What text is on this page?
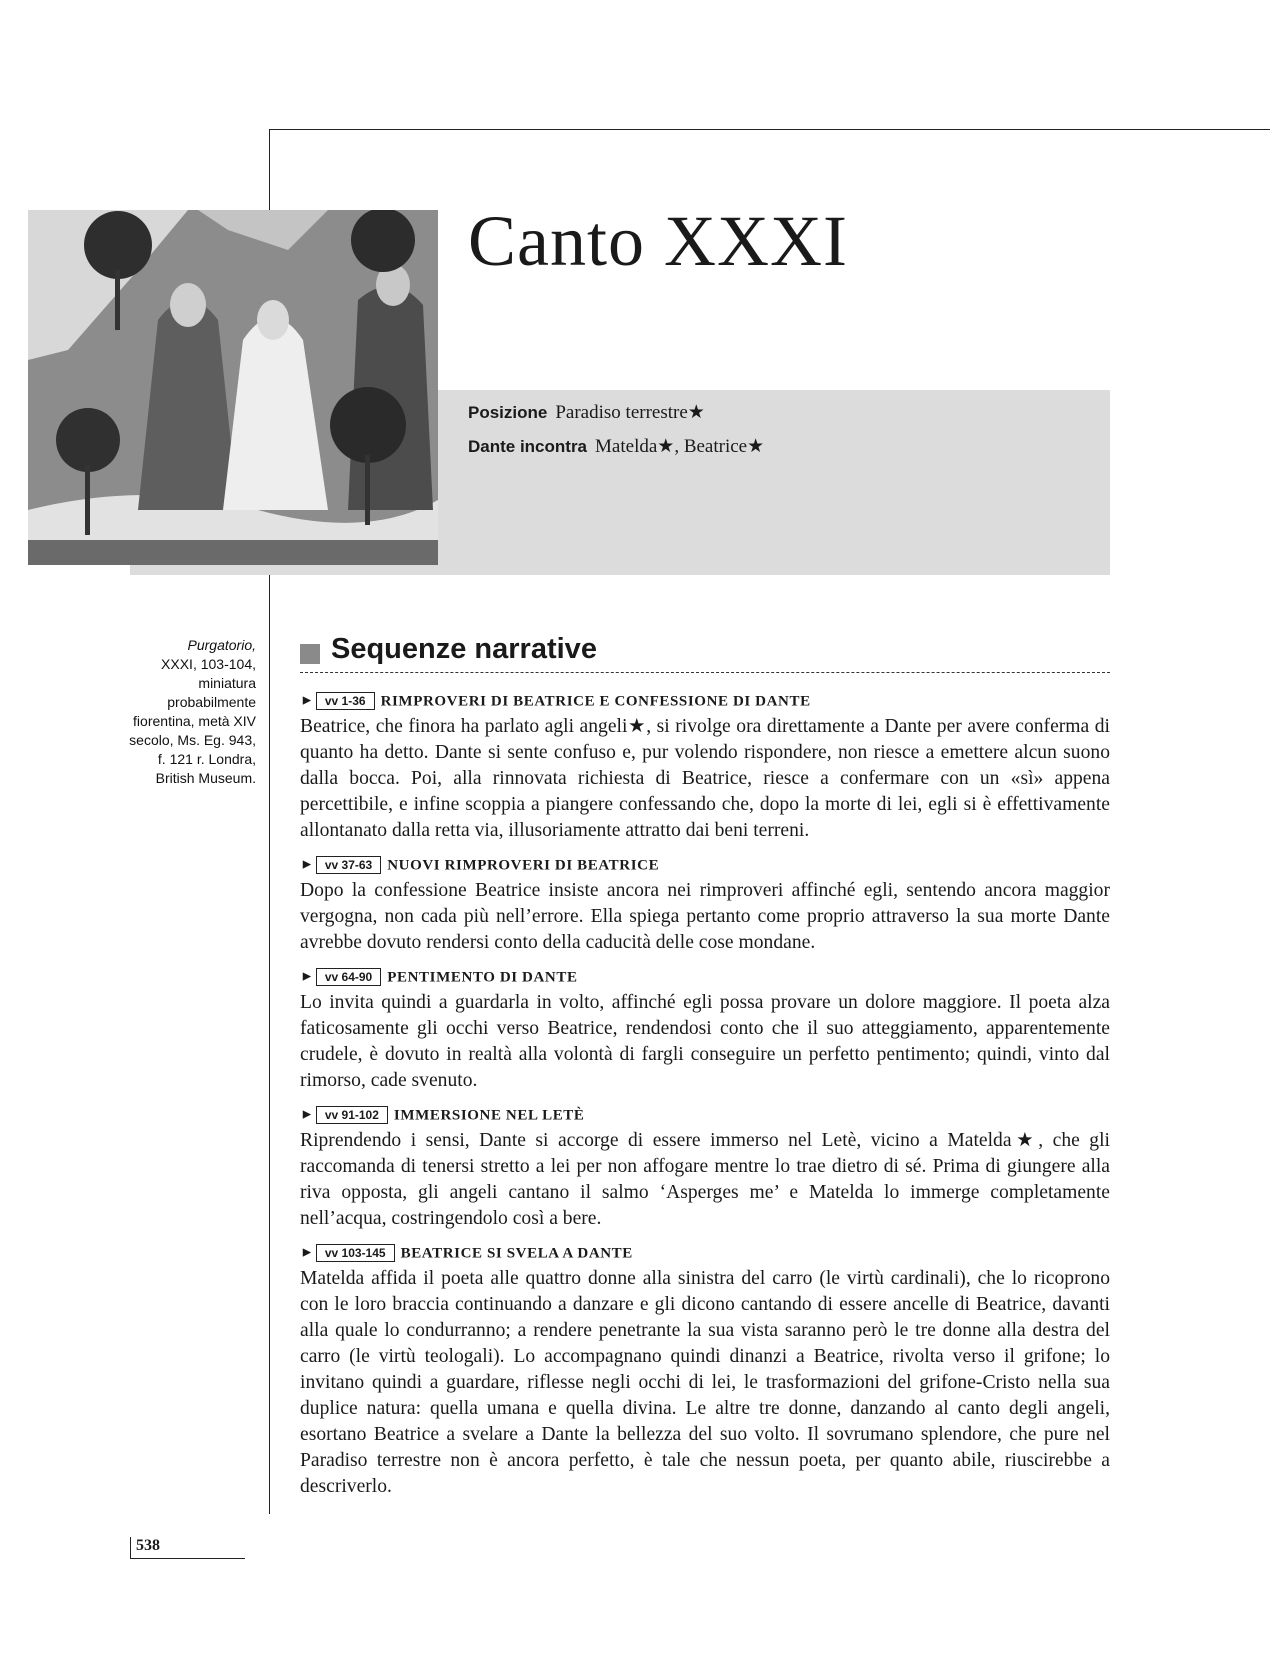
Canto XXXI
Posizione Paradiso terrestre★
Dante incontra Matelda★, Beatrice★

Purgatorio,
XXXI, 103-104, miniatura probabilmente fiorentina, metà XIV secolo, Ms. Eg. 943, f. 121 r. Londra, British Museum.

Sequenze narrative
► vv 1-36 RIMPROVERI DI BEATRICE E CONFESSIONE DI DANTE

Beatrice, che finora ha parlato agli angeli★, si rivolge ora direttamente a Dante per avere conferma di quanto ha detto. Dante si sente confuso e, pur volendo rispondere, non riesce a emettere alcun suono dalla bocca. Poi, alla rinnovata richiesta di Beatrice, riesce a confermare con un «sì» appena percettibile, e infine scoppia a piangere confessando che, dopo la morte di lei, egli si è effettivamente allontanato dalla retta via, illusoriamente attratto dai beni terreni.

► vv 37-63 NUOVI RIMPROVERI DI BEATRICE

Dopo la confessione Beatrice insiste ancora nei rimproveri affinché egli, sentendo ancora maggior vergogna, non cada più nell’errore. Ella spiega pertanto come proprio attraverso la sua morte Dante avrebbe dovuto rendersi conto della caducità delle cose mondane.

► vv 64-90 PENTIMENTO DI DANTE

Lo invita quindi a guardarla in volto, affinché egli possa provare un dolore maggiore. Il poeta alza faticosamente gli occhi verso Beatrice, rendendosi conto che il suo atteggiamento, apparentemente crudele, è dovuto in realtà alla volontà di fargli conseguire un perfetto pentimento; quindi, vinto dal rimorso, cade svenuto.

► vv 91-102 IMMERSIONE NEL LETÈ

Riprendendo i sensi, Dante si accorge di essere immerso nel Letè, vicino a Matelda★, che gli raccomanda di tenersi stretto a lei per non affogare mentre lo trae dietro di sé. Prima di giungere alla riva opposta, gli angeli cantano il salmo ‘Asperges me’ e Matelda lo immerge completamente nell’acqua, costringendolo così a bere.

► vv 103-145 BEATRICE SI SVELA A DANTE

Matelda affida il poeta alle quattro donne alla sinistra del carro (le virtù cardinali), che lo ricoprono con le loro braccia continuando a danzare e gli dicono cantando di essere ancelle di Beatrice, davanti alla quale lo condurranno; a rendere penetrante la sua vista saranno però le tre donne alla destra del carro (le virtù teologali). Lo accompagnano quindi dinanzi a Beatrice, rivolta verso il grifone; lo invitano quindi a guardare, riflesse negli occhi di lei, le trasformazioni del grifone-Cristo nella sua duplice natura: quella umana e quella divina. Le altre tre donne, danzando al canto degli angeli, esortano Beatrice a svelare a Dante la bellezza del suo volto. Il sovrumano splendore, che pure nel Paradiso terrestre non è ancora perfetto, è tale che nessun poeta, per quanto abile, riuscirebbe a descriverlo.

538
